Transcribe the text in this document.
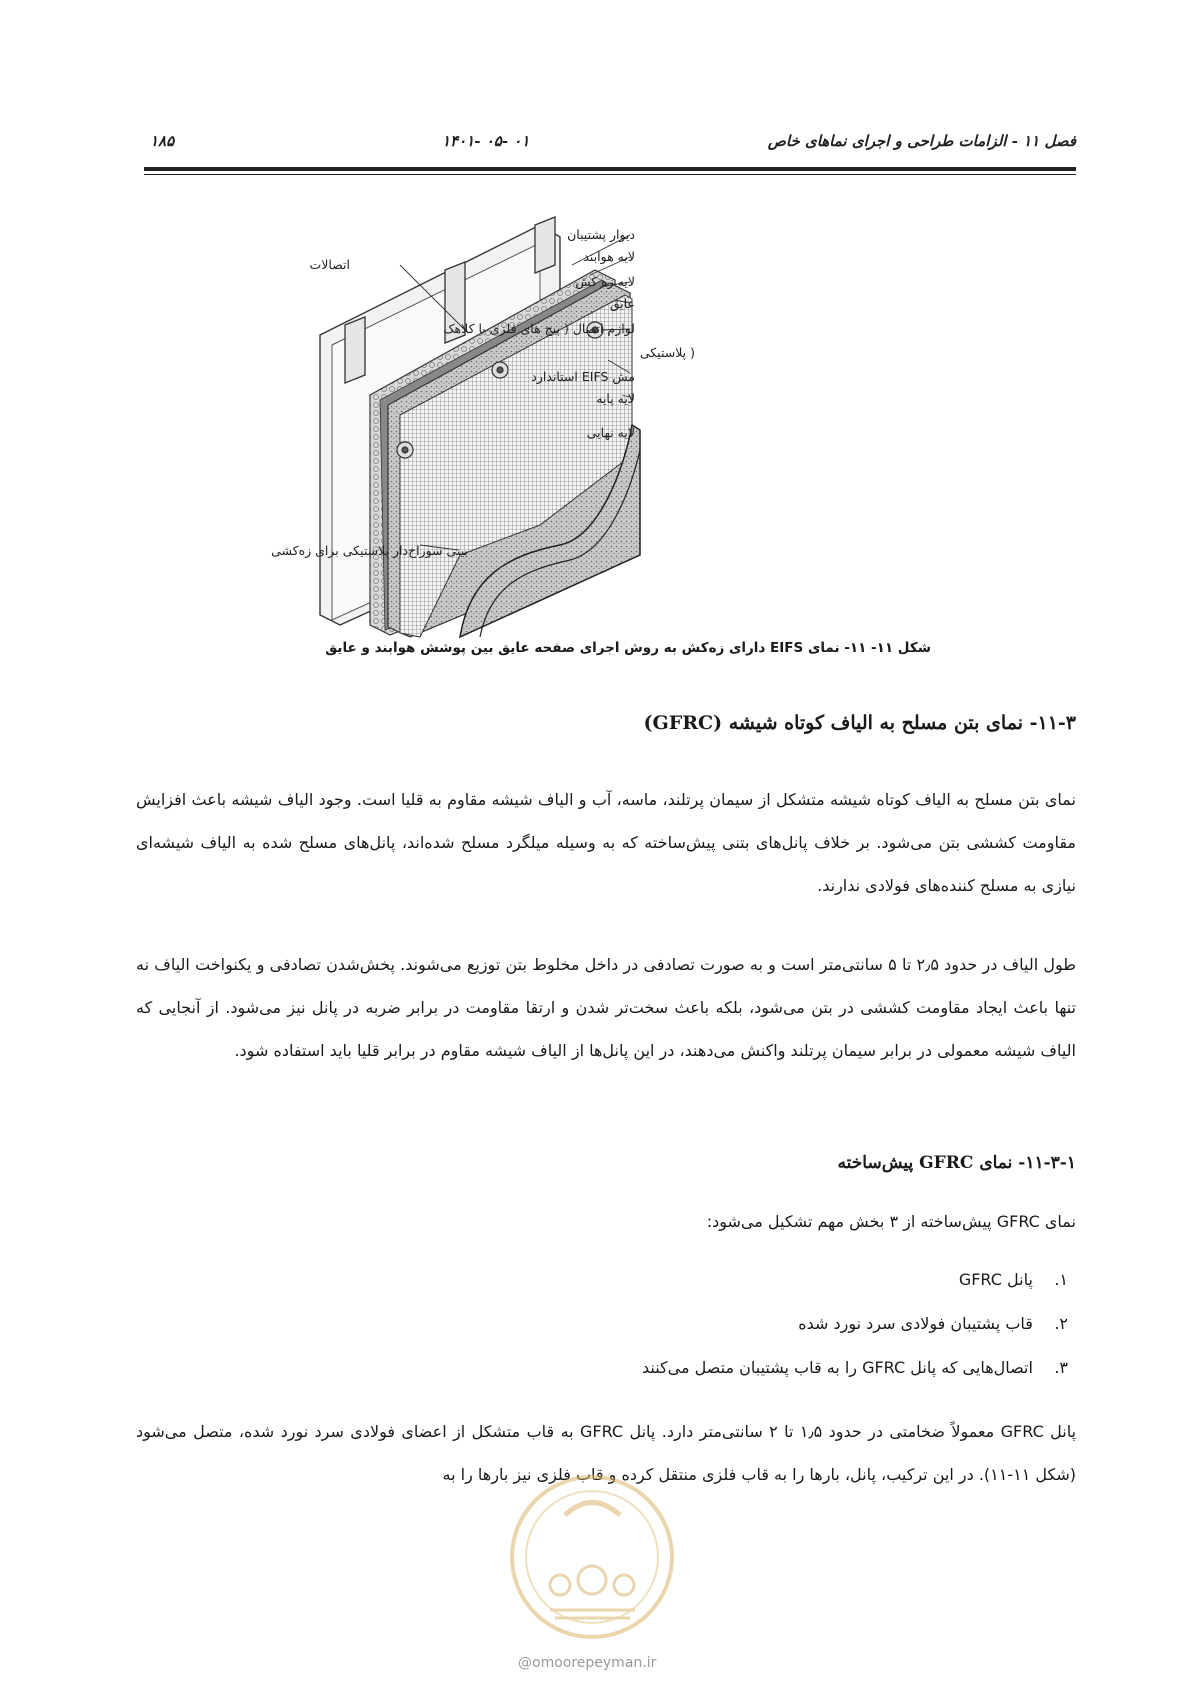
فصل ۱۱ - الزامات طراحی و اجرای نماهای خاص
۰۱ -۰۵ -۱۴۰۱
۱۸۵
دیوار پشتیبان
لایه هوابند
لایه زه کش
عایق
لوازم اتصال ( پیچ های فلزی با کلاهک
( پلاستیکی
مش EIFS استاندارد
لایه پایه
لایه نهایی
اتصالات
بینی سوراخ‌دار پلاستیکی برای زه‌کشی
شکل ۱۱- ۱۱- نمای EIFS دارای زه‌کش به روش اجرای صفحه عایق بین پوشش هوابند و عایق
۱۱-۳- نمای بتن مسلح به الیاف کوتاه شیشه (GFRC)
نمای بتن مسلح به الیاف کوتاه شیشه متشکل از سیمان پرتلند، ماسه، آب و الیاف شیشه مقاوم به قلیا است. وجود الیاف شیشه باعث افزایش مقاومت کششی بتن می‌شود. بر خلاف پانل‌های بتنی پیش‌ساخته که به وسیله میلگرد مسلح شده‌اند، پانل‌های مسلح شده به الیاف شیشه‌ای نیازی به مسلح کننده‌های فولادی ندارند.
طول الیاف در حدود ۲٫۵ تا ۵ سانتی‌متر است و به صورت تصادفی در داخل مخلوط بتن توزیع می‌شوند. پخش‌شدن تصادفی و یکنواخت الیاف نه تنها باعث ایجاد مقاومت کششی در بتن می‌شود، بلکه باعث سخت‌تر شدن و ارتقا مقاومت در برابر ضربه در پانل نیز می‌شود. از آنجایی که الیاف شیشه معمولی در برابر سیمان پرتلند واکنش می‌دهند، در این پانل‌ها از الیاف شیشه مقاوم در برابر قلیا باید استفاده شود.
۱۱-۳-۱- نمای GFRC پیش‌ساخته
نمای GFRC پیش‌ساخته از ۳ بخش مهم تشکیل می‌شود:
۱. پانل GFRC
۲. قاب پشتیبان فولادی سرد نورد شده
۳. اتصال‌هایی که پانل GFRC را به قاب پشتیبان متصل می‌کنند
پانل GFRC معمولاً ضخامتی در حدود ۱٫۵ تا ۲ سانتی‌متر دارد. پانل GFRC به قاب متشکل از اعضای فولادی سرد نورد شده، متصل می‌شود (شکل ۱۱-۱۱). در این ترکیب، پانل، بارها را به قاب فلزی منتقل کرده و قاب فلزی نیز بارها را به
@omoorepeyman.ir
